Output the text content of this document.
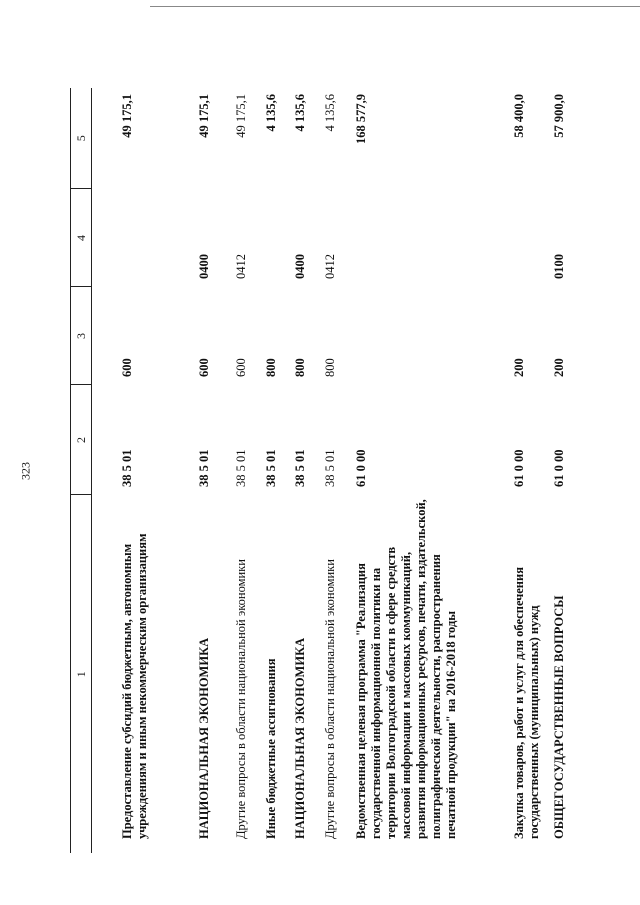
323
1	2	3	4	5

Предоставление субсидий бюджетным, автономным учреждениям и иным некоммерческим организациям	38 5 01	600		49 175,1
НАЦИОНАЛЬНАЯ ЭКОНОМИКА	38 5 01	600	0400	49 175,1
Другие вопросы в области национальной экономики	38 5 01	600	0412	49 175,1
Иные бюджетные ассигнования	38 5 01	800		4 135,6
НАЦИОНАЛЬНАЯ ЭКОНОМИКА	38 5 01	800	0400	4 135,6
Другие вопросы в области национальной экономики	38 5 01	800	0412	4 135,6
Ведомственная целевая программа "Реализация государственной информационной политики на территории Волгоградской области в сфере средств массовой информации и массовых коммуникаций, развития информационных ресурсов, печати, издательской, полиграфической деятельности, распространения печатной продукции" на 2016-2018 годы	61 0 00			168 577,9
Закупка товаров, работ и услуг для обеспечения государственных (муниципальных) нужд	61 0 00	200		58 400,0
ОБЩЕГОСУДАРСТВЕННЫЕ ВОПРОСЫ	61 0 00	200	0100	57 900,0
